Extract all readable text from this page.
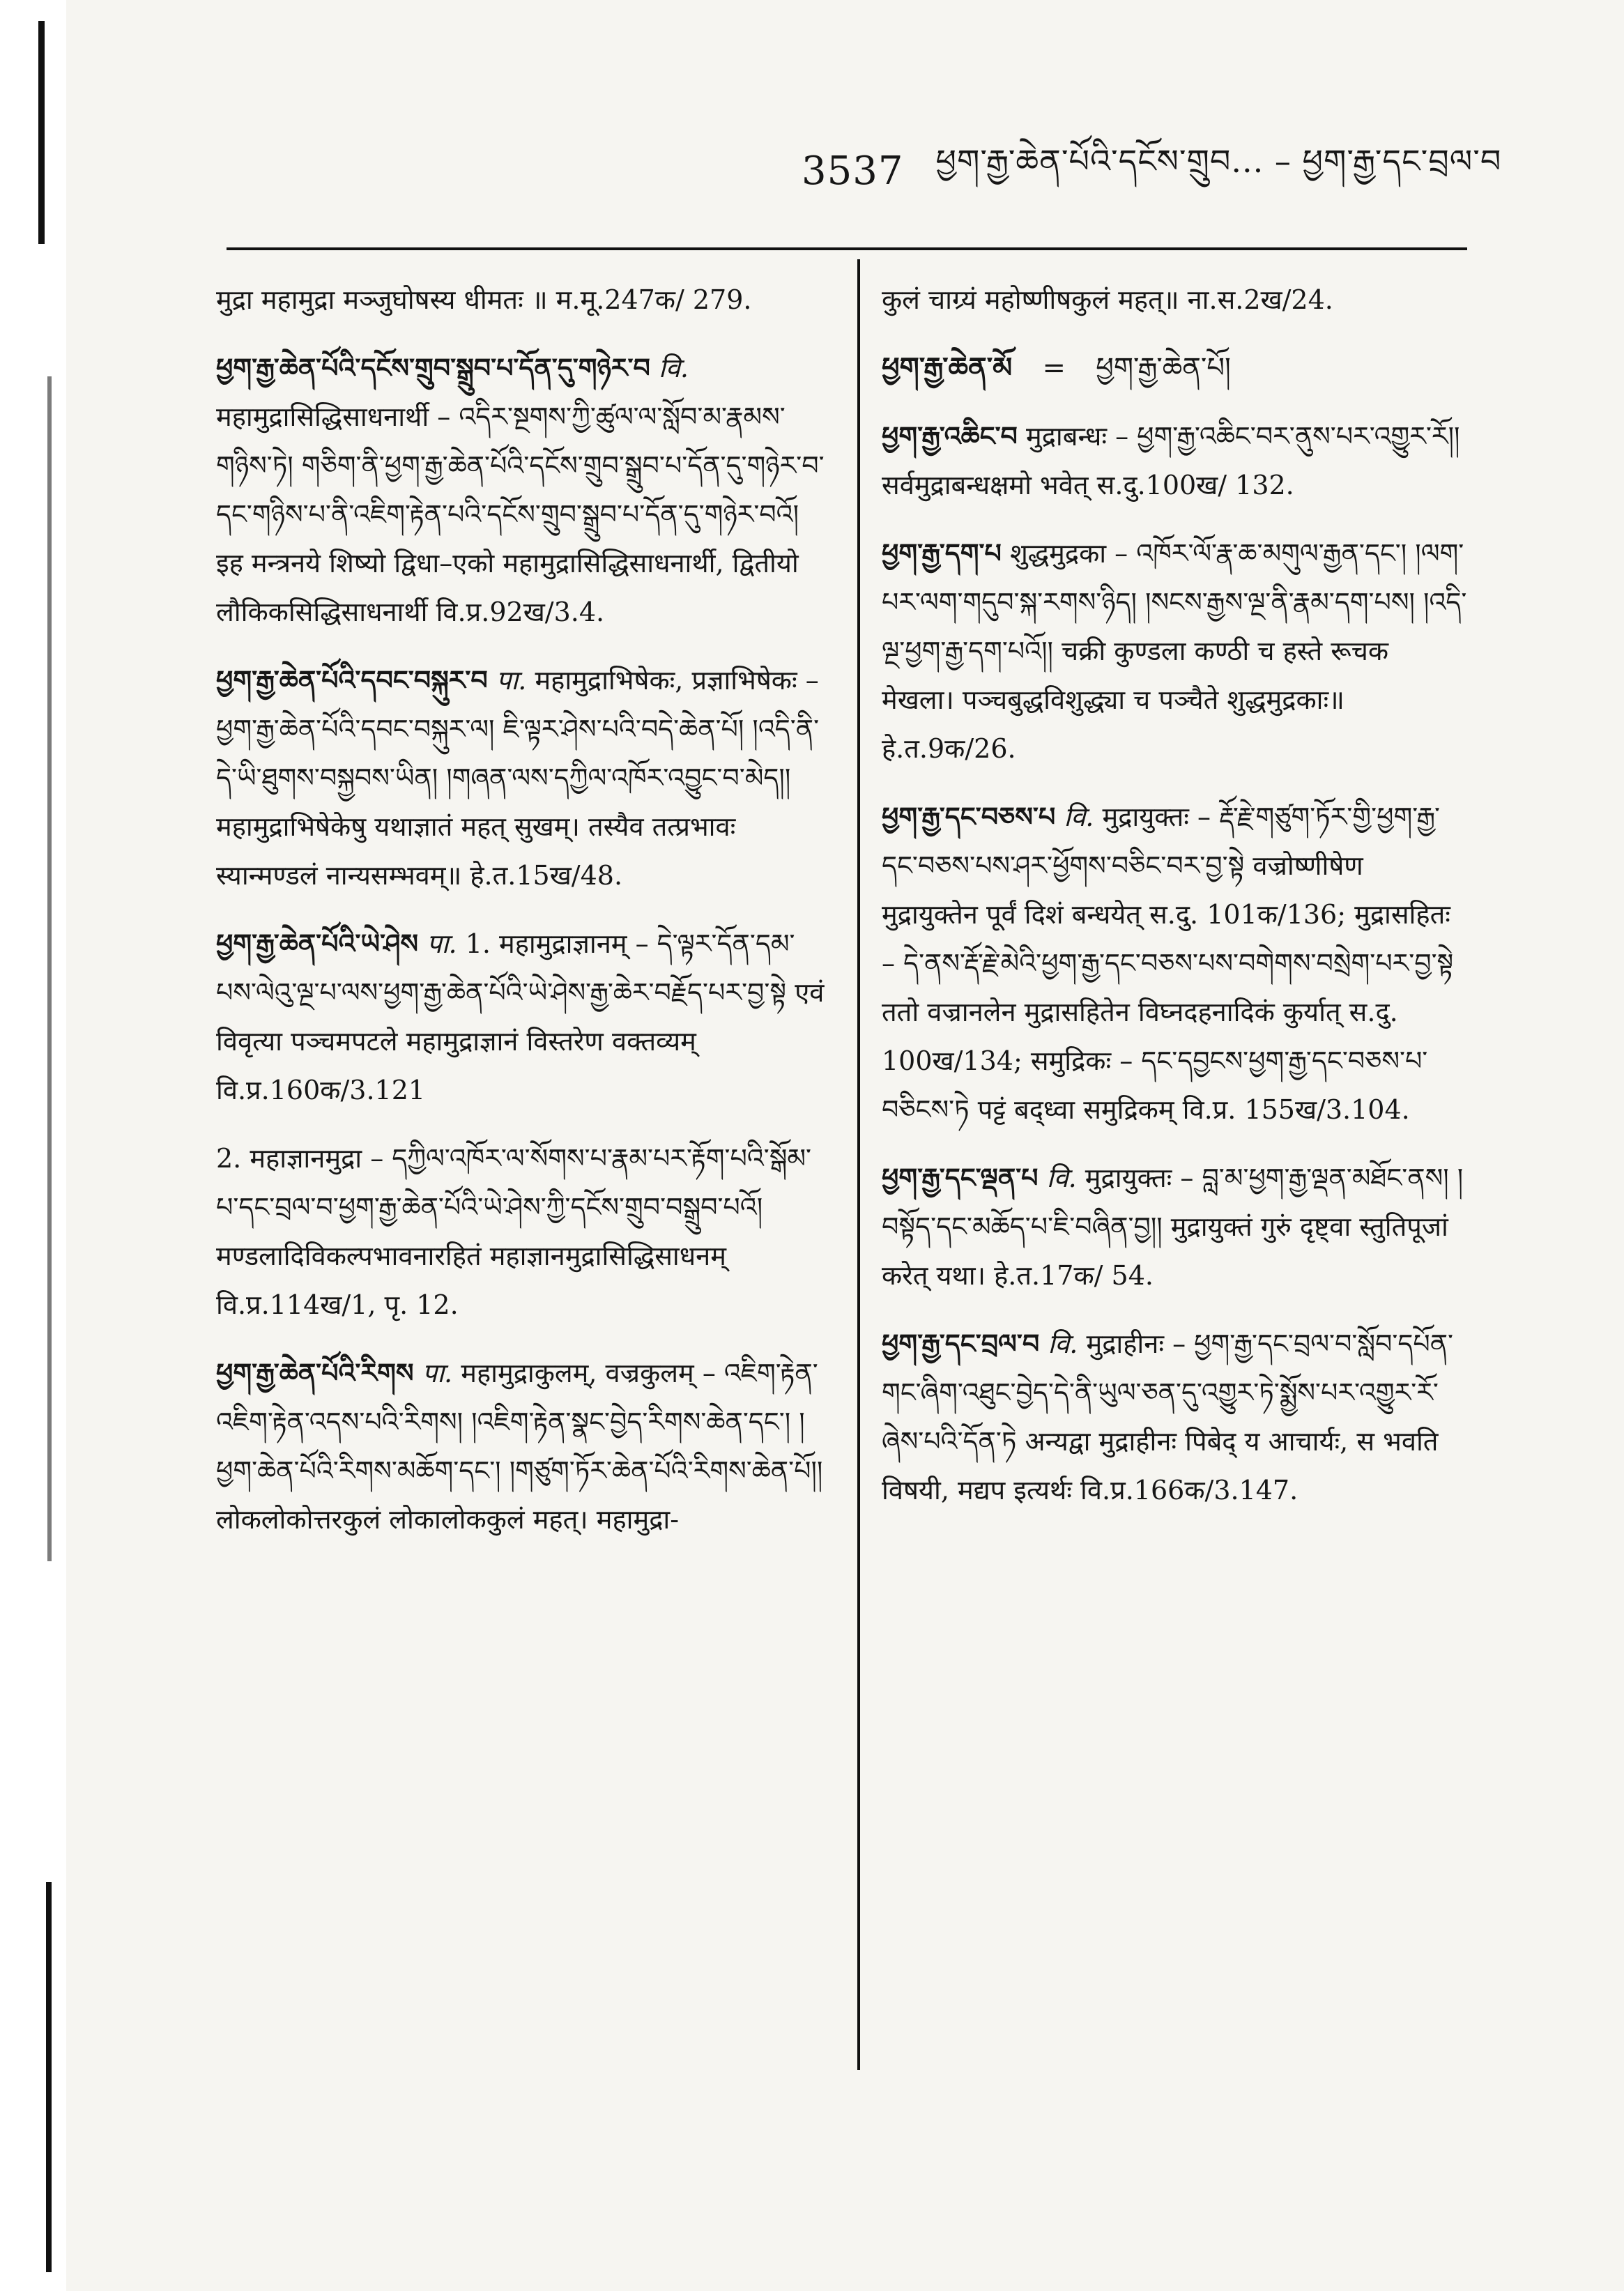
3537 ཕྱག་རྒྱ་ཆེན་པོའི་དངོས་གྲུབ... – ཕྱག་རྒྱ་དང་བྲལ་བ

मुद्रा महामुद्रा मञ्जुघोषस्य धीमतः ॥ म.मू.247क/ 279.

ཕྱག་རྒྱ་ཆེན་པོའི་དངོས་གྲུབ་སྒྲུབ་པ་དོན་དུ་གཉེར་བ वि. महामुद्रासिद्धिसाधनार्थी – འདིར་སྔགས་ཀྱི་ཚུལ་ལ་སློབ་མ་རྣམས་གཉིས་ཏེ། གཅིག་ནི་ཕྱག་རྒྱ་ཆེན་པོའི་དངོས་གྲུབ་སྒྲུབ་པ་དོན་དུ་གཉེར་བ་དང་གཉིས་པ་ནི་འཇིག་རྟེན་པའི་དངོས་གྲུབ་སྒྲུབ་པ་དོན་དུ་གཉེར་བའོ། इह मन्त्रनये शिष्यो द्विधा–एको महामुद्रासिद्धिसाधनार्थी, द्वितीयो लौकिकसिद्धिसाधनार्थी वि.प्र.92ख/3.4.

ཕྱག་རྒྱ་ཆེན་པོའི་དབང་བསྐུར་བ पा. महामुद्राभिषेकः, प्रज्ञाभिषेकः – ཕྱག་རྒྱ་ཆེན་པོའི་དབང་བསྐུར་ལ། ཇི་ལྟར་ཤེས་པའི་བདེ་ཆེན་པོ། །འདི་ནི་དེ་ཡི་ཐུགས་བསྐྱབས་ཡིན། །གཞན་ལས་དཀྱིལ་འཁོར་འབྱུང་བ་མེད།། महामुद्राभिषेकेषु यथाज्ञातं महत् सुखम्। तस्यैव तत्प्रभावः स्यान्मण्डलं नान्यसम्भवम्॥ हे.त.15ख/48.

ཕྱག་རྒྱ་ཆེན་པོའི་ཡེ་ཤེས पा. 1. महामुद्राज्ञानम् – དེ་ལྟར་དོན་དམ་པས་ལེའུ་ལྔ་པ་ལས་ཕྱག་རྒྱ་ཆེན་པོའི་ཡེ་ཤེས་རྒྱ་ཆེར་བརྗོད་པར་བྱ་སྟེ एवं विवृत्या पञ्चमपटले महामुद्राज्ञानं विस्तरेण वक्तव्यम् वि.प्र.160क/3.121

2. महाज्ञानमुद्रा – དཀྱིལ་འཁོར་ལ་སོགས་པ་རྣམ་པར་རྟོག་པའི་སྒོམ་པ་དང་བྲལ་བ་ཕྱག་རྒྱ་ཆེན་པོའི་ཡེ་ཤེས་ཀྱི་དངོས་གྲུབ་བསྒྲུབ་པའོ། मण्डलादिविकल्पभावनारहितं महाज्ञानमुद्रासिद्धिसाधनम् वि.प्र.114ख/1, पृ. 12.

ཕྱག་རྒྱ་ཆེན་པོའི་རིགས पा. महामुद्राकुलम्, वज्रकुलम् – འཇིག་རྟེན་འཇིག་རྟེན་འདས་པའི་རིགས། །འཇིག་རྟེན་སྣང་བྱེད་རིགས་ཆེན་དང་། །ཕྱག་ཆེན་པོའི་རིགས་མཆོག་དང་། །གཙུག་ཏོར་ཆེན་པོའི་རིགས་ཆེན་པོ།། लोकलोकोत्तरकुलं लोकालोककुलं महत्। महामुद्रा-

कुलं चाग्र्यं महोष्णीषकुलं महत्॥ ना.स.2ख/24.

ཕྱག་རྒྱ་ཆེན་མོ	=	ཕྱག་རྒྱ་ཆེན་པོ།

ཕྱག་རྒྱ་འཆིང་བ मुद्राबन्धः – ཕྱག་རྒྱ་འཆིང་བར་ནུས་པར་འགྱུར་རོ།། सर्वमुद्राबन्धक्षमो भवेत् स.दु.100ख/ 132.

ཕྱག་རྒྱ་དག་པ शुद्धमुद्रका – འཁོར་ལོ་རྣ་ཆ་མགུལ་རྒྱན་དང་། །ལག་པར་ལག་གདུབ་སྐ་རགས་ཉིད། །སངས་རྒྱས་ལྔ་ནི་རྣམ་དག་པས། །འདི་ལྔ་ཕྱག་རྒྱ་དག་པའོ།། चक्री कुण्डला कण्ठी च हस्ते रूचक मेखला। पञ्चबुद्धविशुद्ध्या च पञ्चैते शुद्धमुद्रकाः॥ हे.त.9क/26.

ཕྱག་རྒྱ་དང་བཅས་པ वि. मुद्रायुक्तः – རྡོ་རྗེ་གཙུག་ཏོར་གྱི་ཕྱག་རྒྱ་དང་བཅས་པས་ཤར་ཕྱོགས་བཅིང་བར་བྱ་སྟེ वज्रोष्णीषेण मुद्रायुक्तेन पूर्वं दिशं बन्धयेत् स.दु. 101क/136; मुद्रासहितः – དེ་ནས་རྡོ་རྗེ་མེའི་ཕྱག་རྒྱ་དང་བཅས་པས་བགེགས་བསྲེག་པར་བྱ་སྟེ ततो वज्रानलेन मुद्रासहितेन विघ्नदहनादिकं कुर्यात् स.दु. 100ख/134; समुद्रिकः – དང་དབྱངས་ཕྱག་རྒྱ་དང་བཅས་པ་བཅིངས་ཏེ पट्टं बद्ध्वा समुद्रिकम् वि.प्र. 155ख/3.104.

ཕྱག་རྒྱ་དང་ལྡན་པ वि. मुद्रायुक्तः – བླ་མ་ཕྱག་རྒྱ་ལྡན་མཐོང་ནས། །བསྟོད་དང་མཆོད་པ་ཇི་བཞིན་བྱ།། मुद्रायुक्तं गुरुं दृष्ट्वा स्तुतिपूजां करेत् यथा। हे.त.17क/ 54.

ཕྱག་རྒྱ་དང་བྲལ་བ वि. मुद्राहीनः – ཕྱག་རྒྱ་དང་བྲལ་བ་སློབ་དཔོན་གང་ཞིག་འཐུང་བྱེད་དེ་ནི་ཡུལ་ཅན་དུ་འགྱུར་ཏེ་སྨྱོས་པར་འགྱུར་རོ་ཞེས་པའི་དོན་ཏེ अन्यद्वा मुद्राहीनः पिबेद् य आचार्यः, स भवति विषयी, मद्यप इत्यर्थः वि.प्र.166क/3.147.
